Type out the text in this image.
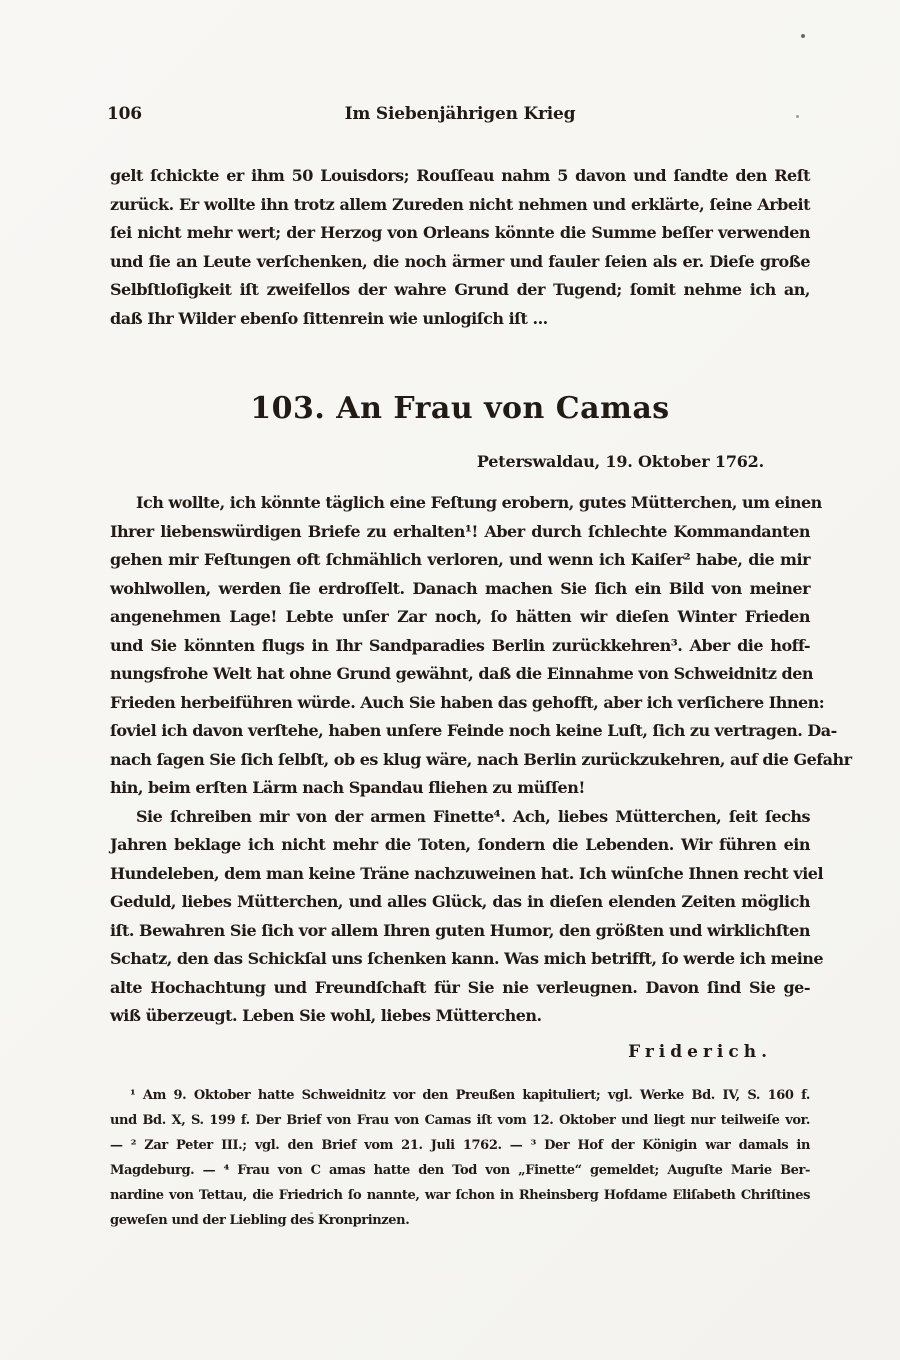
106	Im Siebenjährigen Krieg
gelt ſchickte er ihm 50 Louisdors; Rouſſeau nahm 5 davon und ſandte den Reſt
zurück. Er wollte ihn trotz allem Zureden nicht nehmen und erklärte, ſeine Arbeit
ſei nicht mehr wert; der Herzog von Orleans könnte die Summe beſſer verwenden
und ſie an Leute verſchenken, die noch ärmer und fauler ſeien als er. Dieſe große
Selbſtloſigkeit iſt zweifellos der wahre Grund der Tugend; ſomit nehme ich an,
daß Ihr Wilder ebenſo ſittenrein wie unlogiſch iſt ...
103. An Frau von Camas
Peterswaldau, 19. Oktober 1762.
Ich wollte, ich könnte täglich eine Feſtung erobern, gutes Mütterchen, um einen
Ihrer liebenswürdigen Briefe zu erhalten¹! Aber durch ſchlechte Kommandanten
gehen mir Feſtungen oft ſchmählich verloren, und wenn ich Kaiſer² habe, die mir
wohlwollen, werden ſie erdroſſelt. Danach machen Sie ſich ein Bild von meiner
angenehmen Lage! Lebte unſer Zar noch, ſo hätten wir dieſen Winter Frieden
und Sie könnten flugs in Ihr Sandparadies Berlin zurückkehren³. Aber die hoff-
nungsfrohe Welt hat ohne Grund gewähnt, daß die Einnahme von Schweidnitz den
Frieden herbeiführen würde. Auch Sie haben das gehofft, aber ich verſichere Ihnen:
ſoviel ich davon verſtehe, haben unſere Feinde noch keine Luſt, ſich zu vertragen. Da-
nach ſagen Sie ſich ſelbſt, ob es klug wäre, nach Berlin zurückzukehren, auf die Gefahr
hin, beim erſten Lärm nach Spandau fliehen zu müſſen!
Sie ſchreiben mir von der armen Finette⁴. Ach, liebes Mütterchen, ſeit ſechs
Jahren beklage ich nicht mehr die Toten, ſondern die Lebenden. Wir führen ein
Hundeleben, dem man keine Träne nachzuweinen hat. Ich wünſche Ihnen recht viel
Geduld, liebes Mütterchen, und alles Glück, das in dieſen elenden Zeiten möglich
iſt. Bewahren Sie ſich vor allem Ihren guten Humor, den größten und wirklichſten
Schatz, den das Schickſal uns ſchenken kann. Was mich betrifft, ſo werde ich meine
alte Hochachtung und Freundſchaft für Sie nie verleugnen. Davon ſind Sie ge-
wiß überzeugt. Leben Sie wohl, liebes Mütterchen.
Friderich.
¹ Am 9. Oktober hatte Schweidnitz vor den Preußen kapituliert; vgl. Werke Bd. IV, S. 160 f.
und Bd. X, S. 199 f. Der Brief von Frau von Camas iſt vom 12. Oktober und liegt nur teilweiſe vor.
— ² Zar Peter III.; vgl. den Brief vom 21. Juli 1762. — ³ Der Hof der Königin war damals in
Magdeburg. — ⁴ Frau von C amas hatte den Tod von „Finette“ gemeldet; Auguſte Marie Ber-
nardine von Tettau, die Friedrich ſo nannte, war ſchon in Rheinsberg Hofdame Eliſabeth Chriſtines
geweſen und der Liebling des Kronprinzen.
